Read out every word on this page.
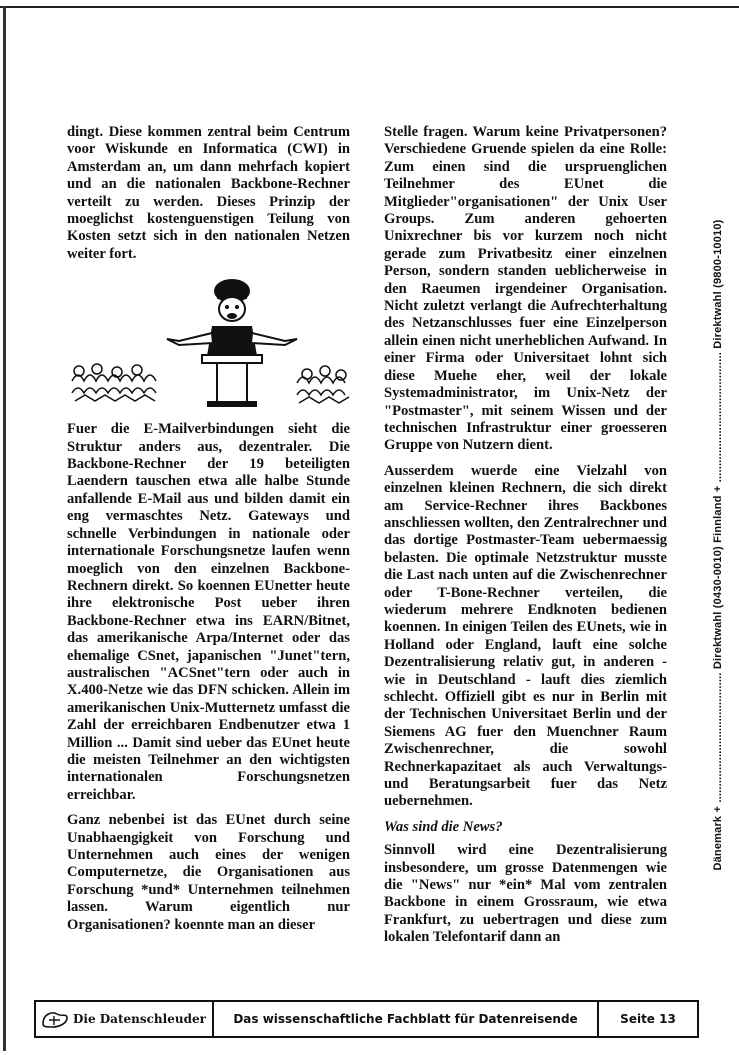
dingt. Diese kommen zentral beim Centrum voor Wiskunde en Informatica (CWI) in Amsterdam an, um dann mehrfach kopiert und an die nationalen Backbone-Rechner verteilt zu werden. Dieses Prinzip der moeglichst kostenguenstigen Teilung von Kosten setzt sich in den nationalen Netzen weiter fort.

Fuer die E-Mailverbindungen sieht die Struktur anders aus, dezentraler. Die Backbone-Rechner der 19 beteiligten Laendern tauschen etwa alle halbe Stunde anfallende E-Mail aus und bilden damit ein eng vermaschtes Netz. Gateways und schnelle Verbindungen in nationale oder internationale Forschungsnetze laufen wenn moeglich von den einzelnen Backbone-Rechnern direkt. So koennen EUnetter heute ihre elektronische Post ueber ihren Backbone-Rechner etwa ins EARN/Bitnet, das amerikanische Arpa/Internet oder das ehemalige CSnet, japanischen "Junet"tern, australischen "ACSnet"tern oder auch in X.400-Netze wie das DFN schicken. Allein im amerikanischen Unix-Mutternetz umfasst die Zahl der erreichbaren Endbenutzer etwa 1 Million ... Damit sind ueber das EUnet heute die meisten Teilnehmer an den wichtigsten internationalen Forschungsnetzen erreichbar.

Ganz nebenbei ist das EUnet durch seine Unabhaengigkeit von Forschung und Unternehmen auch eines der wenigen Computernetze, die Organisationen aus Forschung *und* Unternehmen teilnehmen lassen. Warum eigentlich nur Organisationen? koennte man an dieser

Stelle fragen. Warum keine Privatpersonen? Verschiedene Gruende spielen da eine Rolle: Zum einen sind die urspruenglichen Teilnehmer des EUnet die Mitglieder"organisationen" der Unix User Groups. Zum anderen gehoerten Unixrechner bis vor kurzem noch nicht gerade zum Privatbesitz einer einzelnen Person, sondern standen ueblicherweise in den Raeumen irgendeiner Organisation. Nicht zuletzt verlangt die Aufrechterhaltung des Netzanschlusses fuer eine Einzelperson allein einen nicht unerheblichen Aufwand. In einer Firma oder Universitaet lohnt sich diese Muehe eher, weil der lokale Systemadministrator, im Unix-Netz der "Postmaster", mit seinem Wissen und der technischen Infrastruktur einer groesseren Gruppe von Nutzern dient.

Ausserdem wuerde eine Vielzahl von einzelnen kleinen Rechnern, die sich direkt am Service-Rechner ihres Backbones anschliessen wollten, den Zentralrechner und das dortige Postmaster-Team uebermaessig belasten. Die optimale Netzstruktur musste die Last nach unten auf die Zwischenrechner oder T-Bone-Rechner verteilen, die wiederum mehrere Endknoten bedienen koennen. In einigen Teilen des EUnets, wie in Holland oder England, lauft eine solche Dezentralisierung relativ gut, in anderen - wie in Deutschland - lauft dies ziemlich schlecht. Offiziell gibt es nur in Berlin mit der Technischen Universitaet Berlin und der Siemens AG fuer den Muenchner Raum Zwischenrechner, die sowohl Rechnerkapazitaet als auch Verwaltungs- und Beratungsarbeit fuer das Netz uebernehmen.

Was sind die News?

Sinnvoll wird eine Dezentralisierung insbesondere, um grosse Datenmengen wie die "News" nur *ein* Mal vom zentralen Backbone in einem Grossraum, wie etwa Frankfurt, zu uebertragen und diese zum lokalen Telefontarif dann an

Dänemark + ........................................ Direktwahl (0430-0010) Finnland + ........................................ Direktwahl (9800-10010)
Die Datenschleuder	Das wissenschaftliche Fachblatt für Datenreisende	Seite 13
